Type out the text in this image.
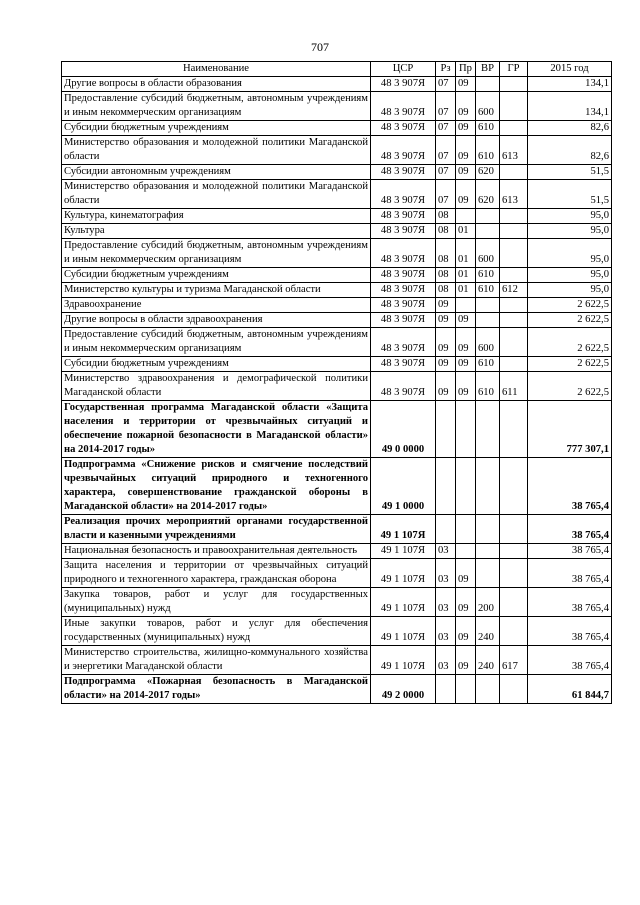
707
Наименование	ЦСР	Рз	Пр	ВР	ГР	2015 год
Другие вопросы в области образования	48 3 907Я	07	09			134,1
Предоставление субсидий бюджетным, автономным учреждениям и иным некоммерческим организациям	48 3 907Я	07	09	600		134,1
Субсидии бюджетным учреждениям	48 3 907Я	07	09	610		82,6
Министерство образования и молодежной политики Магаданской области	48 3 907Я	07	09	610	613	82,6
Субсидии автономным учреждениям	48 3 907Я	07	09	620		51,5
Министерство образования и молодежной политики Магаданской области	48 3 907Я	07	09	620	613	51,5
Культура, кинематография	48 3 907Я	08				95,0
Культура	48 3 907Я	08	01			95,0
Предоставление субсидий бюджетным, автономным учреждениям и иным некоммерческим организациям	48 3 907Я	08	01	600		95,0
Субсидии бюджетным учреждениям	48 3 907Я	08	01	610		95,0
Министерство культуры и туризма Магаданской области	48 3 907Я	08	01	610	612	95,0
Здравоохранение	48 3 907Я	09				2 622,5
Другие вопросы в области здравоохранения	48 3 907Я	09	09			2 622,5
Предоставление субсидий бюджетным, автономным учреждениям и иным некоммерческим организациям	48 3 907Я	09	09	600		2 622,5
Субсидии бюджетным учреждениям	48 3 907Я	09	09	610		2 622,5
Министерство здравоохранения и демографической политики Магаданской области	48 3 907Я	09	09	610	611	2 622,5
Государственная программа Магаданской области «Защита населения и территории от чрезвычайных ситуаций и обеспечение пожарной безопасности в Магаданской области» на 2014-2017 годы»	49 0 0000					777 307,1
Подпрограмма «Снижение рисков и смягчение последствий чрезвычайных ситуаций природного и техногенного характера, совершенствование гражданской обороны в Магаданской области» на 2014-2017 годы»	49 1 0000					38 765,4
Реализация прочих мероприятий органами государственной власти и казенными учреждениями	49 1 107Я					38 765,4
Национальная безопасность и правоохранительная деятельность	49 1 107Я	03				38 765,4
Защита населения и территории от чрезвычайных ситуаций природного и техногенного характера, гражданская оборона	49 1 107Я	03	09			38 765,4
Закупка товаров, работ и услуг для государственных (муниципальных) нужд	49 1 107Я	03	09	200		38 765,4
Иные закупки товаров, работ и услуг для обеспечения государственных (муниципальных) нужд	49 1 107Я	03	09	240		38 765,4
Министерство строительства, жилищно-коммунального хозяйства и энергетики Магаданской области	49 1 107Я	03	09	240	617	38 765,4
Подпрограмма «Пожарная безопасность в Магаданской области» на 2014-2017 годы»	49 2 0000					61 844,7
